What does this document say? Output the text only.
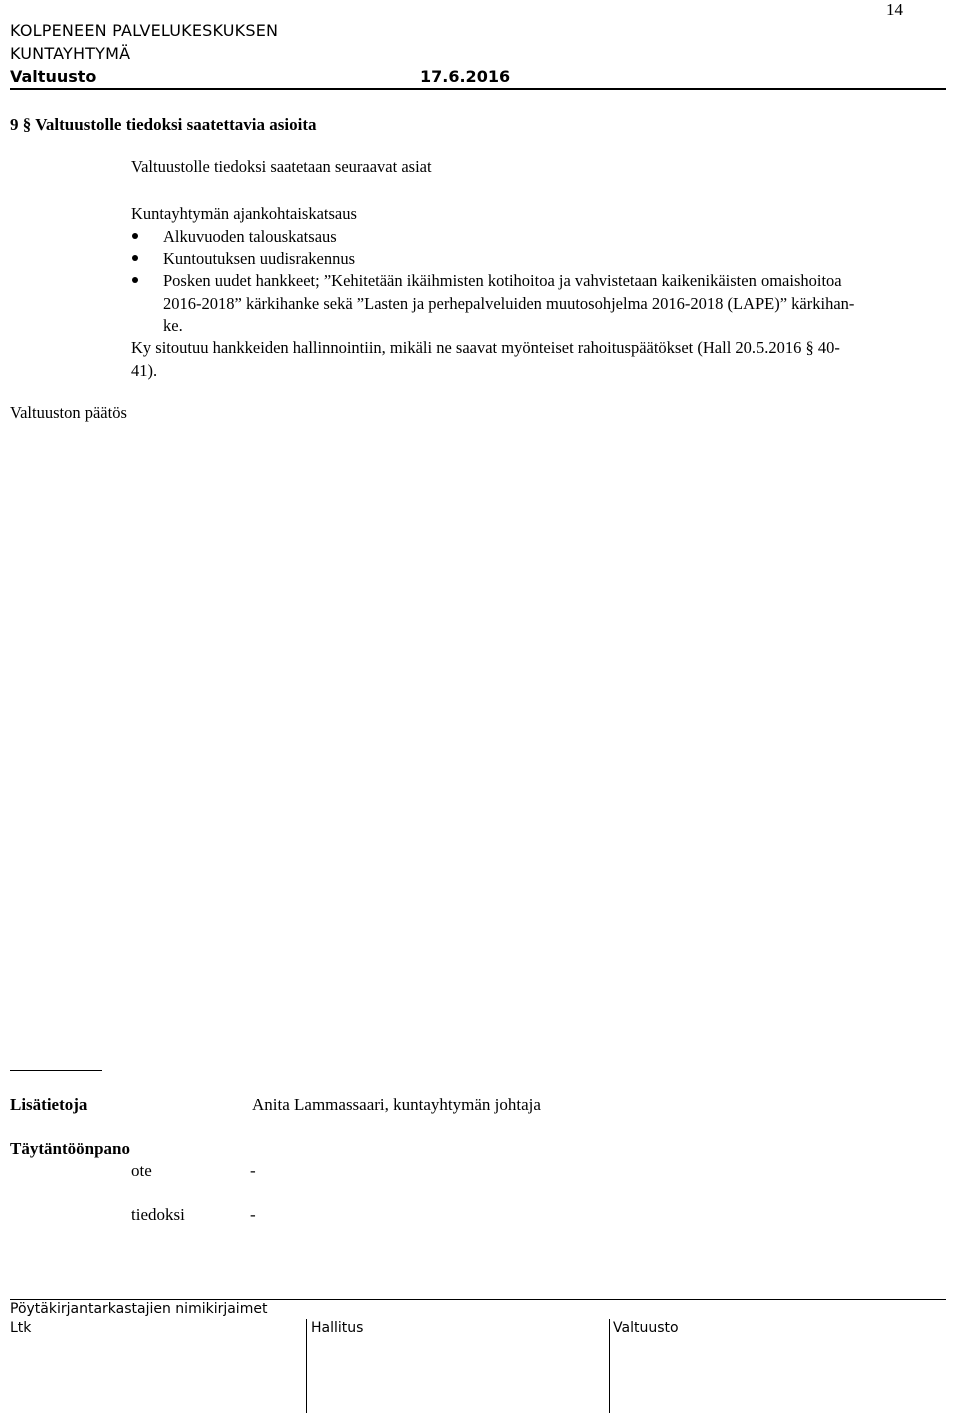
14
KOLPENEEN PALVELUKESKUKSEN
KUNTAYHTYMÄ
Valtuusto	17.6.2016
9 § Valtuustolle tiedoksi saatettavia asioita
Valtuustolle tiedoksi saatetaan seuraavat asiat
Kuntayhtymän ajankohtaiskatsaus
Alkuvuoden talouskatsaus
Kuntoutuksen uudisrakennus
Posken uudet hankkeet; ”Kehitetään ikäihmisten kotihoitoa ja vahvistetaan kaikenikäisten omaishoitoa
2016-2018” kärkihanke sekä ”Lasten ja perhepalveluiden muutosohjelma 2016-2018 (LAPE)” kärkihan-
ke.
Ky sitoutuu hankkeiden hallinnointiin, mikäli ne saavat myönteiset rahoituspäätökset (Hall 20.5.2016 § 40-
41).
Valtuuston päätös
Lisätietoja	Anita Lammassaari, kuntayhtymän johtaja
Täytäntöönpano
ote	-
tiedoksi	-
Pöytäkirjantarkastajien nimikirjaimet
Ltk	Hallitus	Valtuusto
